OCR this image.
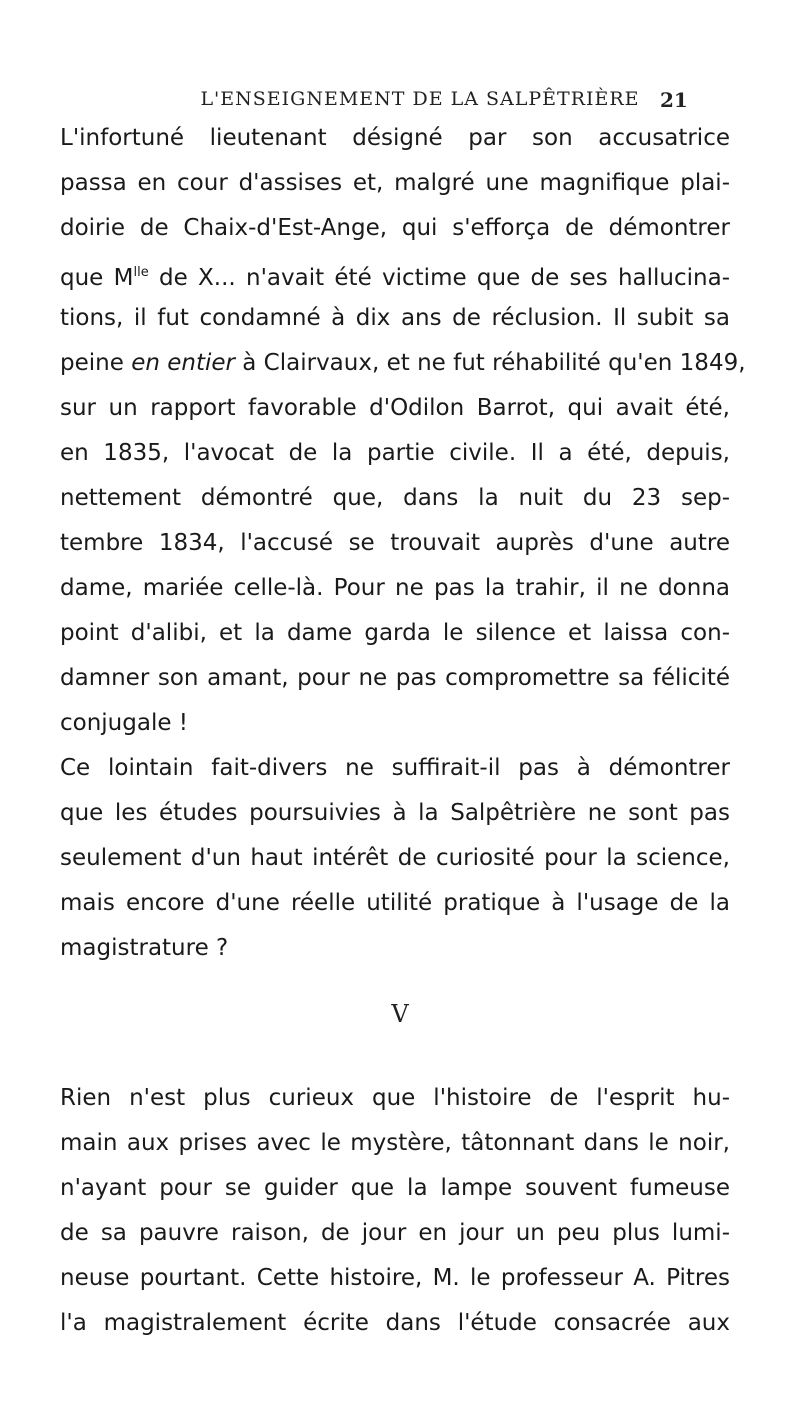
L'ENSEIGNEMENT DE LA SALPÊTRIÈRE 21
L'infortuné lieutenant désigné par son accusatrice
passa en cour d'assises et, malgré une magnifique plai-
doirie de Chaix-d'Est-Ange, qui s'efforça de démontrer
que $M^{lle}$ de X... n'avait été victime que de ses hallucina-
tions, il fut condamné à dix ans de réclusion. Il subit sa
peine en entier à Clairvaux, et ne fut réhabilité qu'en 1849,
sur un rapport favorable d'Odilon Barrot, qui avait été,
en 1835, l'avocat de la partie civile. Il a été, depuis,
nettement démontré que, dans la nuit du 23 sep-
tembre 1834, l'accusé se trouvait auprès d'une autre
dame, mariée celle-là. Pour ne pas la trahir, il ne donna
point d'alibi, et la dame garda le silence et laissa con-
damner son amant, pour ne pas compromettre sa félicité
conjugale !
Ce lointain fait-divers ne suffirait-il pas à démontrer
que les études poursuivies à la Salpêtrière ne sont pas
seulement d'un haut intérêt de curiosité pour la science,
mais encore d'une réelle utilité pratique à l'usage de la
magistrature ?
V
Rien n'est plus curieux que l'histoire de l'esprit hu-
main aux prises avec le mystère, tâtonnant dans le noir,
n'ayant pour se guider que la lampe souvent fumeuse
de sa pauvre raison, de jour en jour un peu plus lumi-
neuse pourtant. Cette histoire, M. le professeur A. Pitres
l'a magistralement écrite dans l'étude consacrée aux
